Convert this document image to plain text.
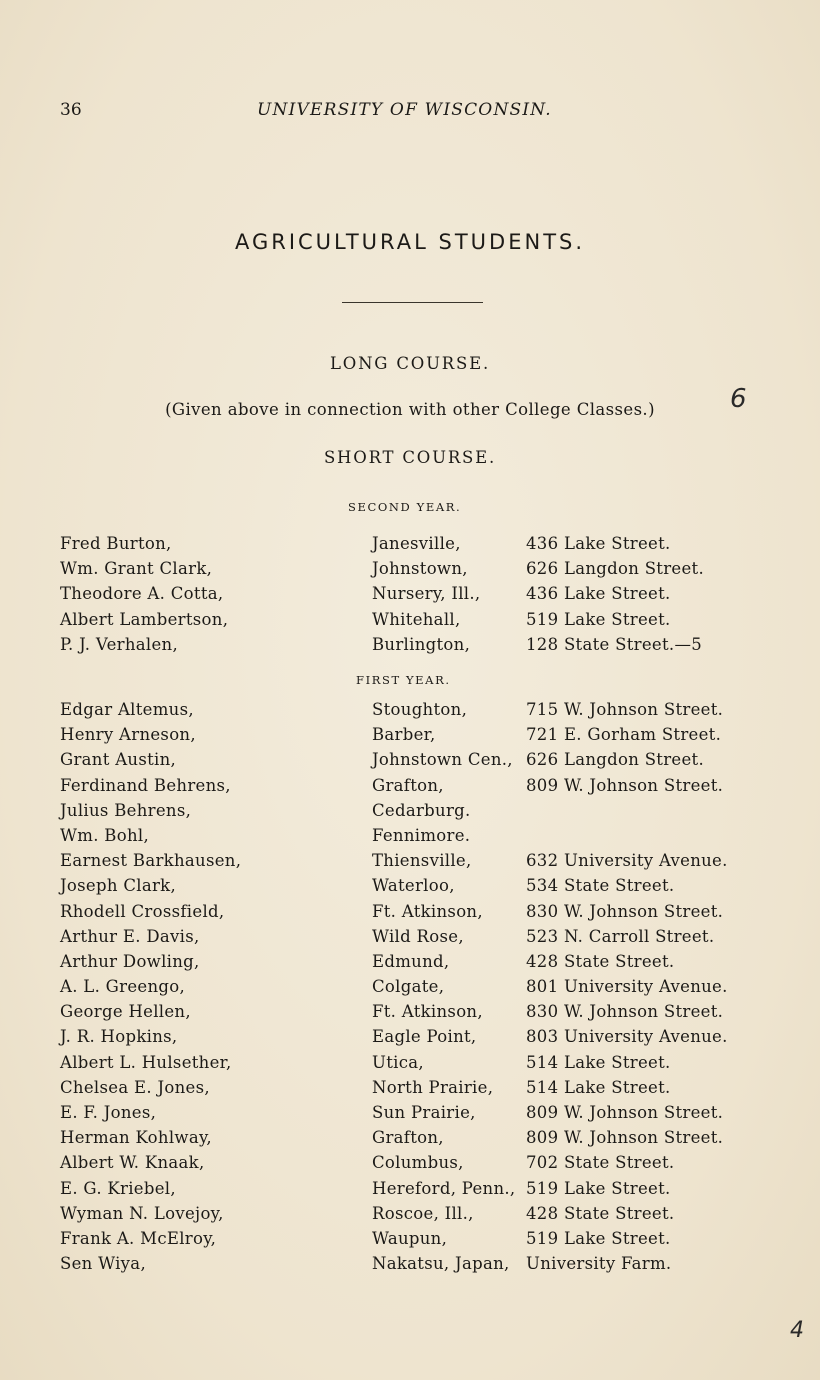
36	UNIVERSITY OF WISCONSIN.
AGRICULTURAL STUDENTS.
LONG COURSE.
(Given above in connection with other College Classes.)
SHORT COURSE.
SECOND YEAR.
Fred Burton,	Janesville,	436 Lake Street.
Wm. Grant Clark,	Johnstown,	626 Langdon Street.
Theodore A. Cotta,	Nursery, Ill.,	436 Lake Street.
Albert Lambertson,	Whitehall,	519 Lake Street.
P. J. Verhalen,	Burlington,	128 State Street.—5
FIRST YEAR.
Edgar Altemus,	Stoughton,	715 W. Johnson Street.
Henry Arneson,	Barber,	721 E. Gorham Street.
Grant Austin,	Johnstown Cen., 626 Langdon Street.
Ferdinand Behrens,	Grafton,	809 W. Johnson Street.
Julius Behrens,	Cedarburg.
Wm. Bohl,	Fennimore.
Earnest Barkhausen,	Thiensville,	632 University Avenue.
Joseph Clark,	Waterloo,	534 State Street.
Rhodell Crossfield,	Ft. Atkinson,	830 W. Johnson Street.
Arthur E. Davis,	Wild Rose,	523 N. Carroll Street.
Arthur Dowling,	Edmund,	428 State Street.
A. L. Greengo,	Colgate,	801 University Avenue.
George Hellen,	Ft. Atkinson,	830 W. Johnson Street.
J. R. Hopkins,	Eagle Point,	803 University Avenue.
Albert L. Hulsether,	Utica,	514 Lake Street.
Chelsea E. Jones,	North Prairie, 514 Lake Street.
E. F. Jones,	Sun Prairie,	809 W. Johnson Street.
Herman Kohlway,	Grafton,	809 W. Johnson Street.
Albert W. Knaak,	Columbus,	702 State Street.
E. G. Kriebel,	Hereford, Penn., 519 Lake Street.
Wyman N. Lovejoy,	Roscoe, Ill.,	428 State Street.
Frank A. McElroy,	Waupun,	519 Lake Street.
Sen Wiya,	Nakatsu, Japan, University Farm.
6
4
